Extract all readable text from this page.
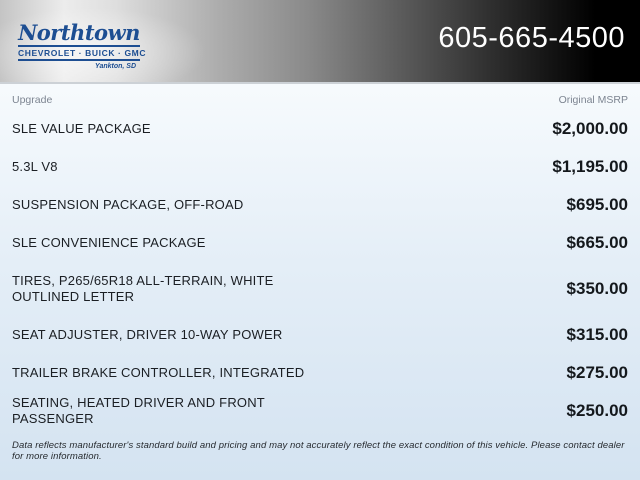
Northtown
CHEVROLET · BUICK · GMC
Yankton, SD
605-665-4500
Upgrade	Original MSRP
SLE VALUE PACKAGE	$2,000.00
5.3L V8	$1,195.00
SUSPENSION PACKAGE, OFF-ROAD	$695.00
SLE CONVENIENCE PACKAGE	$665.00
TIRES, P265/65R18 ALL-TERRAIN, WHITE OUTLINED LETTER	$350.00
SEAT ADJUSTER, DRIVER 10-WAY POWER	$315.00
TRAILER BRAKE CONTROLLER, INTEGRATED	$275.00
SEATING, HEATED DRIVER AND FRONT PASSENGER	$250.00
Data reflects manufacturer's standard build and pricing and may not accurately reflect the exact condition of this vehicle. Please contact dealer for more information.
